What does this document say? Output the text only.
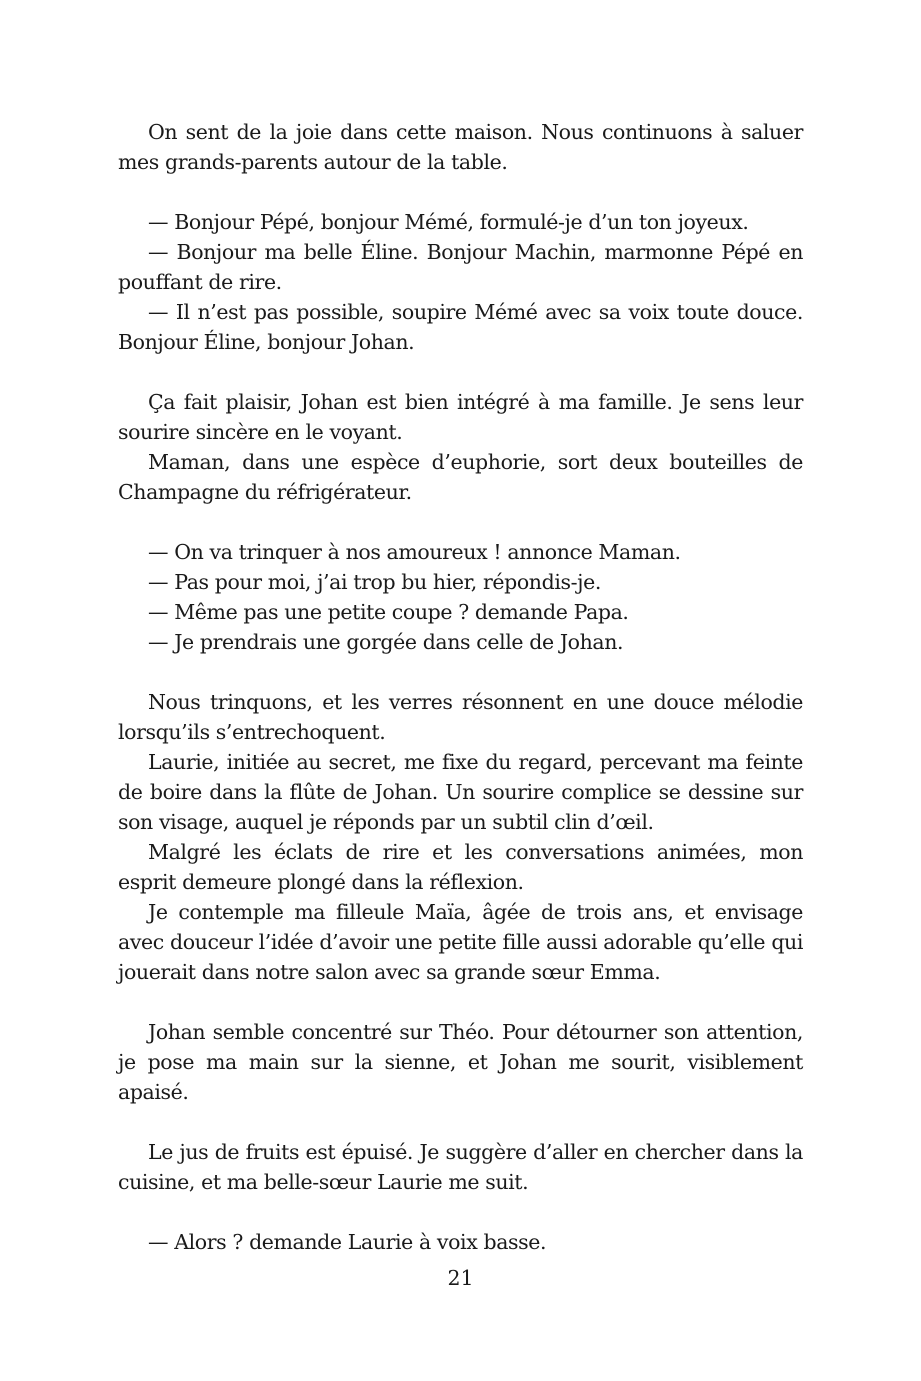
On sent de la joie dans cette maison. Nous continuons à saluer mes grands-parents autour de la table.

— Bonjour Pépé, bonjour Mémé, formulé-je d’un ton joyeux.

— Bonjour ma belle Éline. Bonjour Machin, marmonne Pépé en pouffant de rire.

— Il n’est pas possible, soupire Mémé avec sa voix toute douce. Bonjour Éline, bonjour Johan.

Ça fait plaisir, Johan est bien intégré à ma famille. Je sens leur sourire sincère en le voyant.

Maman, dans une espèce d’euphorie, sort deux bouteilles de Champagne du réfrigérateur.

— On va trinquer à nos amoureux ! annonce Maman.

— Pas pour moi, j’ai trop bu hier, répondis-je.

— Même pas une petite coupe ? demande Papa.

— Je prendrais une gorgée dans celle de Johan.

Nous trinquons, et les verres résonnent en une douce mélodie lorsqu’ils s’entrechoquent.

Laurie, initiée au secret, me fixe du regard, percevant ma feinte de boire dans la flûte de Johan. Un sourire complice se dessine sur son visage, auquel je réponds par un subtil clin d’œil.

Malgré les éclats de rire et les conversations animées, mon esprit demeure plongé dans la réflexion.

Je contemple ma filleule Maïa, âgée de trois ans, et envisage avec douceur l’idée d’avoir une petite fille aussi adorable qu’elle qui jouerait dans notre salon avec sa grande sœur Emma.

Johan semble concentré sur Théo. Pour détourner son attention, je pose ma main sur la sienne, et Johan me sourit, visiblement apaisé.

Le jus de fruits est épuisé. Je suggère d’aller en chercher dans la cuisine, et ma belle-sœur Laurie me suit.

— Alors ? demande Laurie à voix basse.

21
